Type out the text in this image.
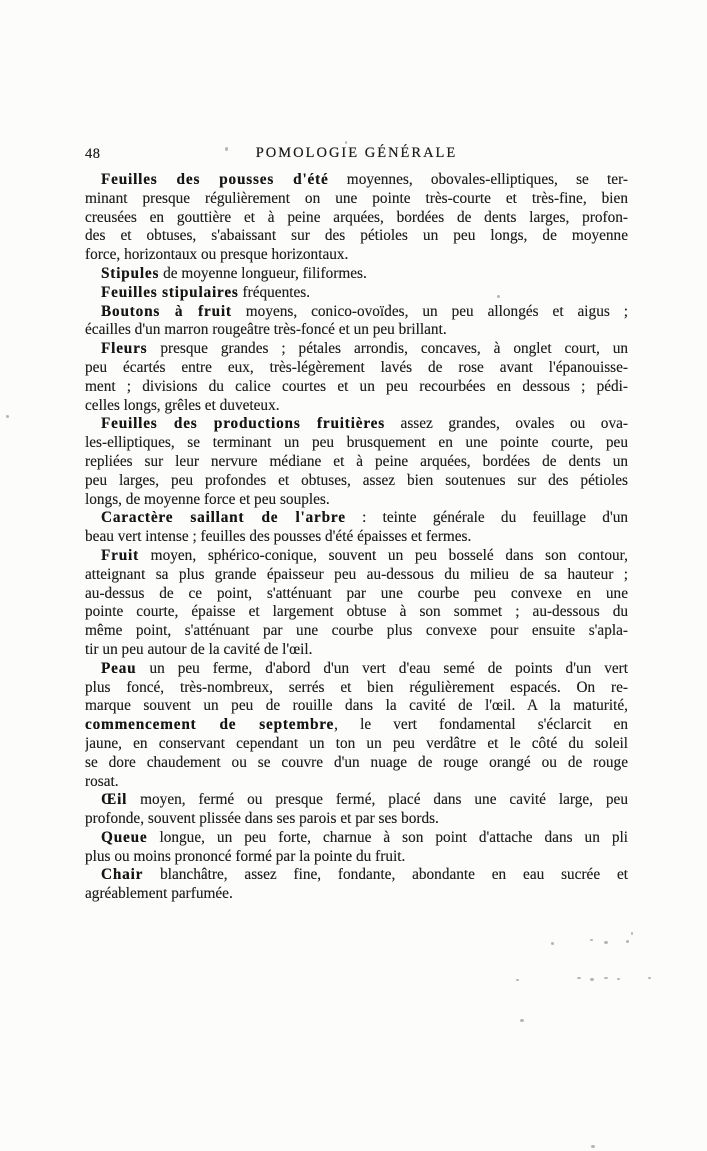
48	POMOLOGIE GÉNÉRALE

Feuilles des pousses d'été moyennes, obovales-elliptiques, se ter-
minant presque régulièrement on une pointe très-courte et très-fine, bien
creusées en gouttière et à peine arquées, bordées de dents larges, profon-
des et obtuses, s'abaissant sur des pétioles un peu longs, de moyenne
force, horizontaux ou presque horizontaux.

Stipules de moyenne longueur, filiformes.

Feuilles stipulaires fréquentes.

Boutons à fruit moyens, conico-ovoïdes, un peu allongés et aigus ;
écailles d'un marron rougeâtre très-foncé et un peu brillant.

Fleurs presque grandes ; pétales arrondis, concaves, à onglet court, un
peu écartés entre eux, très-légèrement lavés de rose avant l'épanouisse-
ment ; divisions du calice courtes et un peu recourbées en dessous ; pédi-
celles longs, grêles et duveteux.

Feuilles des productions fruitières assez grandes, ovales ou ova-
les-elliptiques, se terminant un peu brusquement en une pointe courte, peu
repliées sur leur nervure médiane et à peine arquées, bordées de dents un
peu larges, peu profondes et obtuses, assez bien soutenues sur des pétioles
longs, de moyenne force et peu souples.

Caractère saillant de l'arbre : teinte générale du feuillage d'un
beau vert intense ; feuilles des pousses d'été épaisses et fermes.

Fruit moyen, sphérico-conique, souvent un peu bosselé dans son contour,
atteignant sa plus grande épaisseur peu au-dessous du milieu de sa hauteur ;
au-dessus de ce point, s'atténuant par une courbe peu convexe en une
pointe courte, épaisse et largement obtuse à son sommet ; au-dessous du
même point, s'atténuant par une courbe plus convexe pour ensuite s'apla-
tir un peu autour de la cavité de l'œil.

Peau un peu ferme, d'abord d'un vert d'eau semé de points d'un vert
plus foncé, très-nombreux, serrés et bien régulièrement espacés. On re-
marque souvent un peu de rouille dans la cavité de l'œil. A la maturité,
commencement de septembre, le vert fondamental s'éclarcit en
jaune, en conservant cependant un ton un peu verdâtre et le côté du soleil
se dore chaudement ou se couvre d'un nuage de rouge orangé ou de rouge
rosat.

Œil moyen, fermé ou presque fermé, placé dans une cavité large, peu
profonde, souvent plissée dans ses parois et par ses bords.

Queue longue, un peu forte, charnue à son point d'attache dans un pli
plus ou moins prononcé formé par la pointe du fruit.

Chair blanchâtre, assez fine, fondante, abondante en eau sucrée et
agréablement parfumée.
